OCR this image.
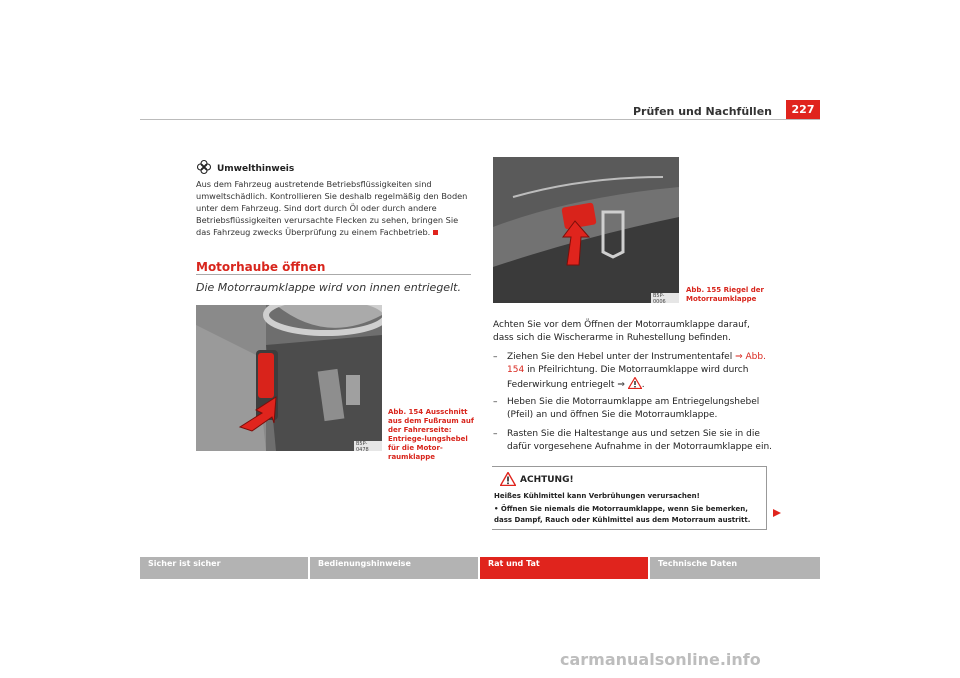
Prüfen und Nachfüllen	227
Umwelthinweis
Aus dem Fahrzeug austretende Betriebsflüssigkeiten sind umweltschädlich. Kontrollieren Sie deshalb regelmäßig den Boden unter dem Fahrzeug. Sind dort durch Öl oder durch andere Betriebsflüssigkeiten verursachte Flecken zu sehen, bringen Sie das Fahrzeug zwecks Überprüfung zu einem Fachbetrieb.
Motorhaube öffnen
Die Motorraumklappe wird von innen entriegelt.
B5P-0478
Abb. 154 Ausschnitt aus dem Fußraum auf der Fahrerseite: Entriege-lungshebel für die Motor-raumklappe
B5P-0006
Abb. 155 Riegel der Motorraumklappe
Achten Sie vor dem Öffnen der Motorraumklappe darauf, dass sich die Wischerarme in Ruhestellung befinden.
– Ziehen Sie den Hebel unter der Instrumententafel ⇒ Abb. 154 in Pfeilrichtung. Die Motorraumklappe wird durch Federwirkung entriegelt ⇒ .
– Heben Sie die Motorraumklappe am Entriegelungshebel (Pfeil) an und öffnen Sie die Motorraumklappe.
– Rasten Sie die Haltestange aus und setzen Sie sie in die dafür vorgesehene Aufnahme in der Motorraumklappe ein.
ACHTUNG!
Heißes Kühlmittel kann Verbrühungen verursachen!
• Öffnen Sie niemals die Motorraumklappe, wenn Sie bemerken, dass Dampf, Rauch oder Kühlmittel aus dem Motorraum austritt.
Sicher ist sicher	Bedienungshinweise	Rat und Tat	Technische Daten
carmanualsonline.info
